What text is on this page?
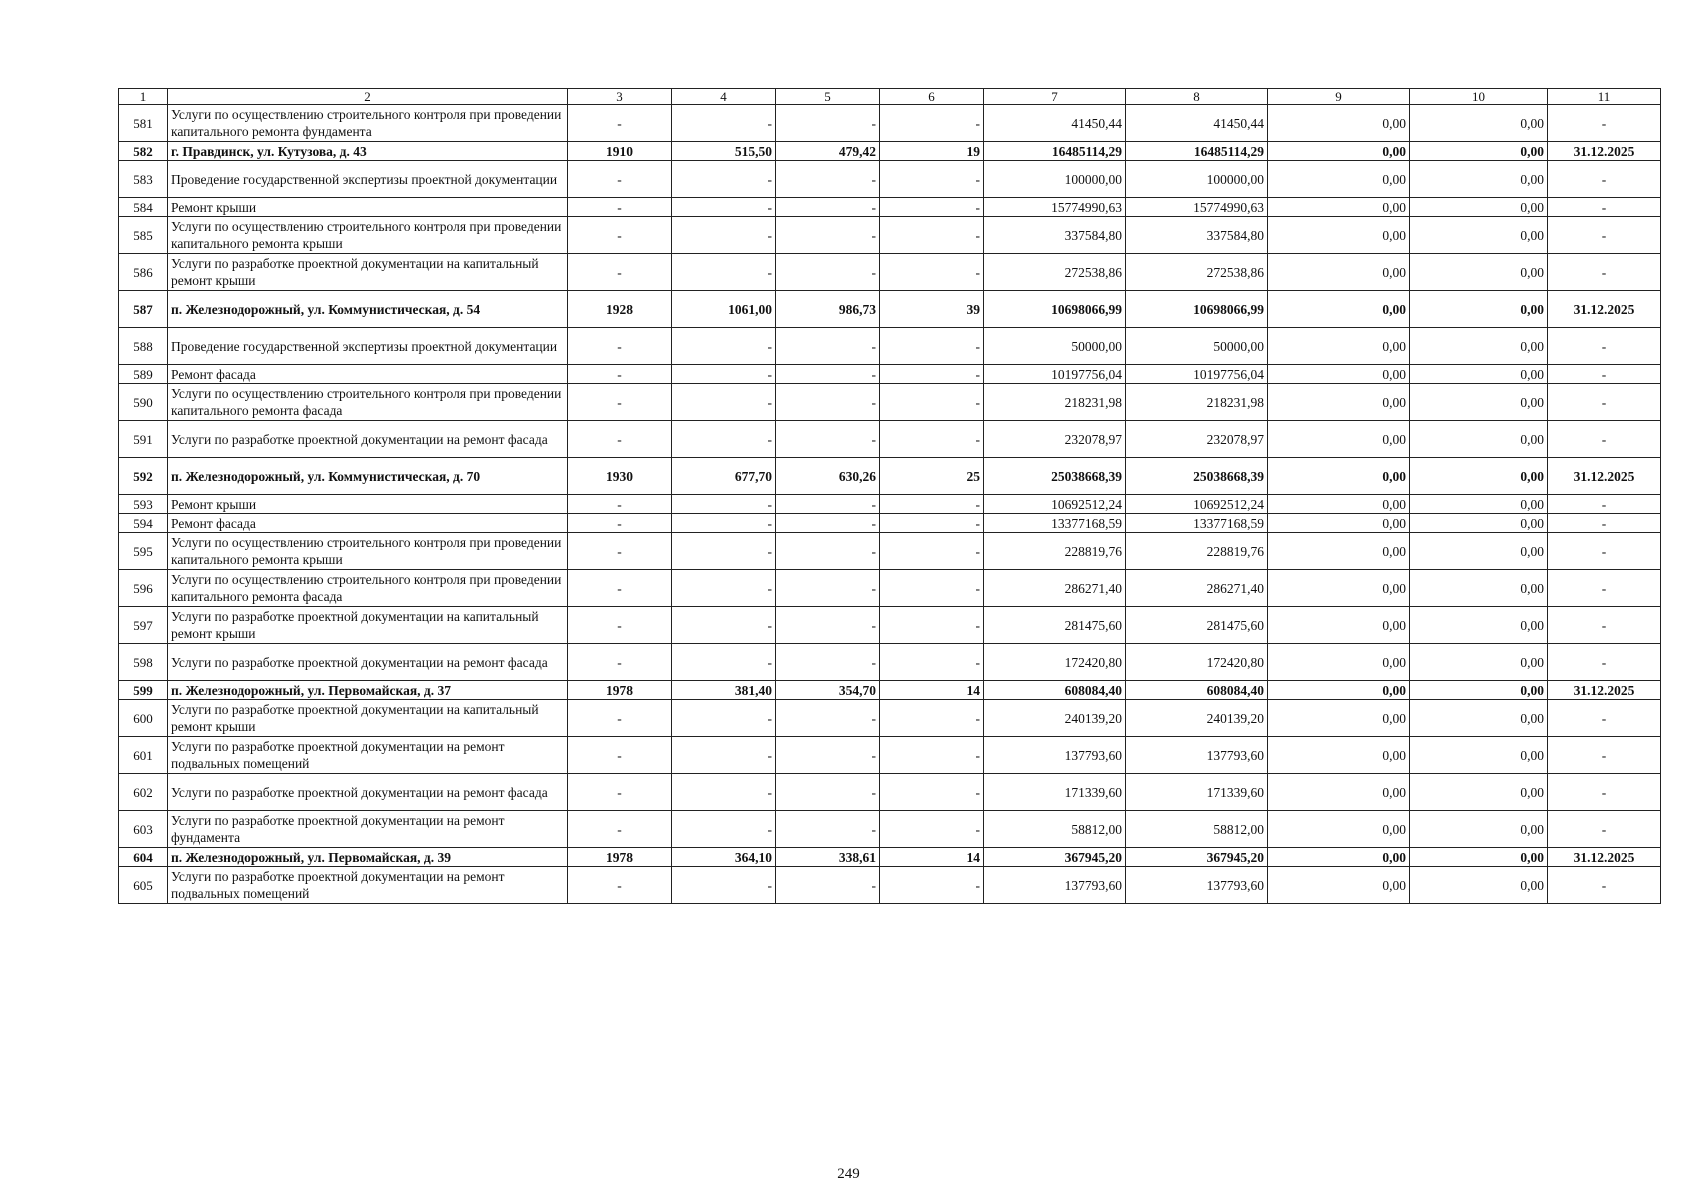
1	2	3	4	5	6	7	8	9	10	11
581	Услуги по осуществлению строительного контроля при проведении капитального ремонта фундамента	-	-	-	-	41450,44	41450,44	0,00	0,00	-
582	г. Правдинск, ул. Кутузова, д. 43	1910	515,50	479,42	19	16485114,29	16485114,29	0,00	0,00	31.12.2025
583	Проведение государственной экспертизы проектной документации	-	-	-	-	100000,00	100000,00	0,00	0,00	-
584	Ремонт крыши	-	-	-	-	15774990,63	15774990,63	0,00	0,00	-
585	Услуги по осуществлению строительного контроля при проведении капитального ремонта крыши	-	-	-	-	337584,80	337584,80	0,00	0,00	-
586	Услуги по разработке проектной документации на капитальный ремонт крыши	-	-	-	-	272538,86	272538,86	0,00	0,00	-
587	п. Железнодорожный, ул. Коммунистическая, д. 54	1928	1061,00	986,73	39	10698066,99	10698066,99	0,00	0,00	31.12.2025
588	Проведение государственной экспертизы проектной документации	-	-	-	-	50000,00	50000,00	0,00	0,00	-
589	Ремонт фасада	-	-	-	-	10197756,04	10197756,04	0,00	0,00	-
590	Услуги по осуществлению строительного контроля при проведении капитального ремонта фасада	-	-	-	-	218231,98	218231,98	0,00	0,00	-
591	Услуги по разработке проектной документации на ремонт фасада	-	-	-	-	232078,97	232078,97	0,00	0,00	-
592	п. Железнодорожный, ул. Коммунистическая, д. 70	1930	677,70	630,26	25	25038668,39	25038668,39	0,00	0,00	31.12.2025
593	Ремонт крыши	-	-	-	-	10692512,24	10692512,24	0,00	0,00	-
594	Ремонт фасада	-	-	-	-	13377168,59	13377168,59	0,00	0,00	-
595	Услуги по осуществлению строительного контроля при проведении капитального ремонта крыши	-	-	-	-	228819,76	228819,76	0,00	0,00	-
596	Услуги по осуществлению строительного контроля при проведении капитального ремонта фасада	-	-	-	-	286271,40	286271,40	0,00	0,00	-
597	Услуги по разработке проектной документации на капитальный ремонт крыши	-	-	-	-	281475,60	281475,60	0,00	0,00	-
598	Услуги по разработке проектной документации на ремонт фасада	-	-	-	-	172420,80	172420,80	0,00	0,00	-
599	п. Железнодорожный, ул. Первомайская, д. 37	1978	381,40	354,70	14	608084,40	608084,40	0,00	0,00	31.12.2025
600	Услуги по разработке проектной документации на капитальный ремонт крыши	-	-	-	-	240139,20	240139,20	0,00	0,00	-
601	Услуги по разработке проектной документации на ремонт подвальных помещений	-	-	-	-	137793,60	137793,60	0,00	0,00	-
602	Услуги по разработке проектной документации на ремонт фасада	-	-	-	-	171339,60	171339,60	0,00	0,00	-
603	Услуги по разработке проектной документации на ремонт фундамента	-	-	-	-	58812,00	58812,00	0,00	0,00	-
604	п. Железнодорожный, ул. Первомайская, д. 39	1978	364,10	338,61	14	367945,20	367945,20	0,00	0,00	31.12.2025
605	Услуги по разработке проектной документации на ремонт подвальных помещений	-	-	-	-	137793,60	137793,60	0,00	0,00	-
249
